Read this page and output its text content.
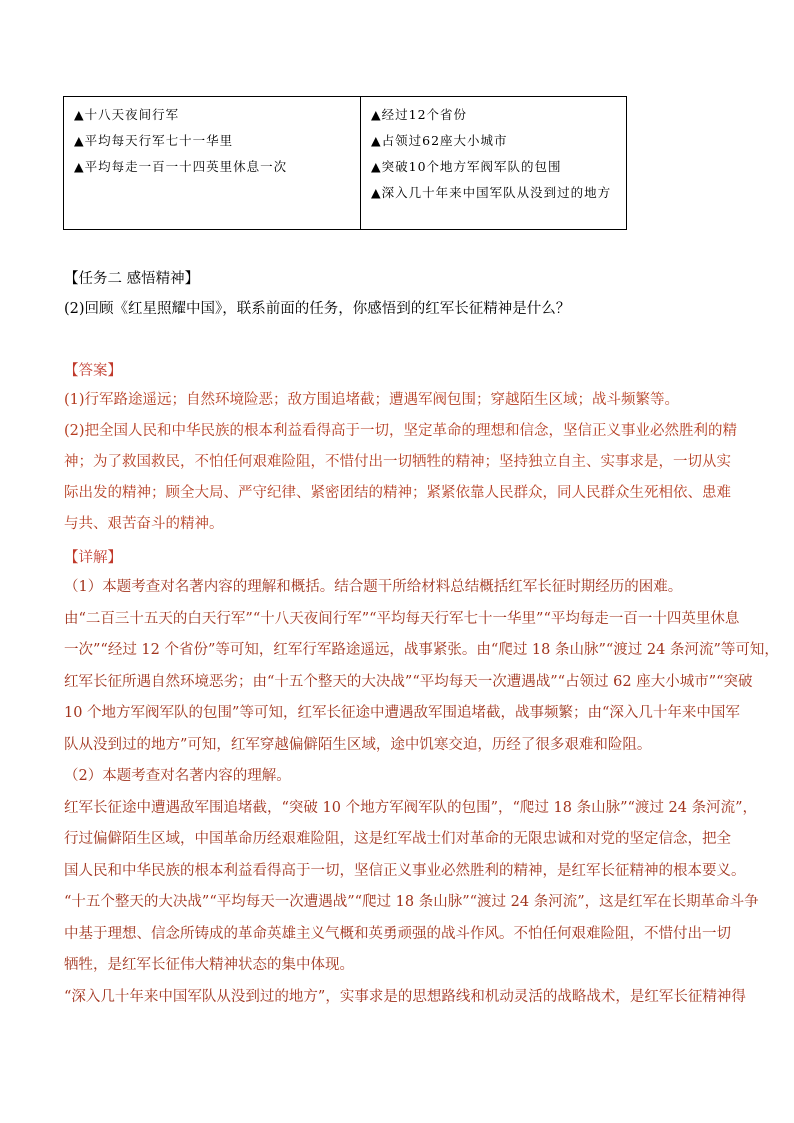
▲十八天夜间行军
▲平均每天行军七十一华里
▲平均每走一百一十四英里休息一次
▲经过12个省份
▲占领过62座大小城市
▲突破10个地方军阀军队的包围
▲深入几十年来中国军队从没到过的地方
【任务二 感悟精神】
(2)回顾《红星照耀中国》，联系前面的任务，你感悟到的红军长征精神是什么？
【答案】
(1)行军路途遥远；自然环境险恶；敌方围追堵截；遭遇军阀包围；穿越陌生区域；战斗频繁等。
(2)把全国人民和中华民族的根本利益看得高于一切，坚定革命的理想和信念，坚信正义事业必然胜利的精
神；为了救国救民，不怕任何艰难险阻，不惜付出一切牺牲的精神；坚持独立自主、实事求是，一切从实
际出发的精神；顾全大局、严守纪律、紧密团结的精神；紧紧依靠人民群众，同人民群众生死相依、患难
与共、艰苦奋斗的精神。
【详解】
（1）本题考查对名著内容的理解和概括。结合题干所给材料总结概括红军长征时期经历的困难。
由“二百三十五天的白天行军”“十八天夜间行军”“平均每天行军七十一华里”“平均每走一百一十四英里休息
一次”“经过 12 个省份”等可知，红军行军路途遥远，战事紧张。由“爬过 18 条山脉”“渡过 24 条河流”等可知，
红军长征所遇自然环境恶劣；由“十五个整天的大决战”“平均每天一次遭遇战”“占领过 62 座大小城市”“突破
10 个地方军阀军队的包围”等可知，红军长征途中遭遇敌军围追堵截，战事频繁；由“深入几十年来中国军
队从没到过的地方”可知，红军穿越偏僻陌生区域，途中饥寒交迫，历经了很多艰难和险阻。
（2）本题考查对名著内容的理解。
红军长征途中遭遇敌军围追堵截，“突破 10 个地方军阀军队的包围”，“爬过 18 条山脉”“渡过 24 条河流”，
行过偏僻陌生区域，中国革命历经艰难险阻，这是红军战士们对革命的无限忠诚和对党的坚定信念，把全
国人民和中华民族的根本利益看得高于一切，坚信正义事业必然胜利的精神，是红军长征精神的根本要义。
“十五个整天的大决战”“平均每天一次遭遇战”“爬过 18 条山脉”“渡过 24 条河流”，这是红军在长期革命斗争
中基于理想、信念所铸成的革命英雄主义气概和英勇顽强的战斗作风。不怕任何艰难险阻，不惜付出一切
牺牲，是红军长征伟大精神状态的集中体现。
“深入几十年来中国军队从没到过的地方”，实事求是的思想路线和机动灵活的战略战术，是红军长征精神得
